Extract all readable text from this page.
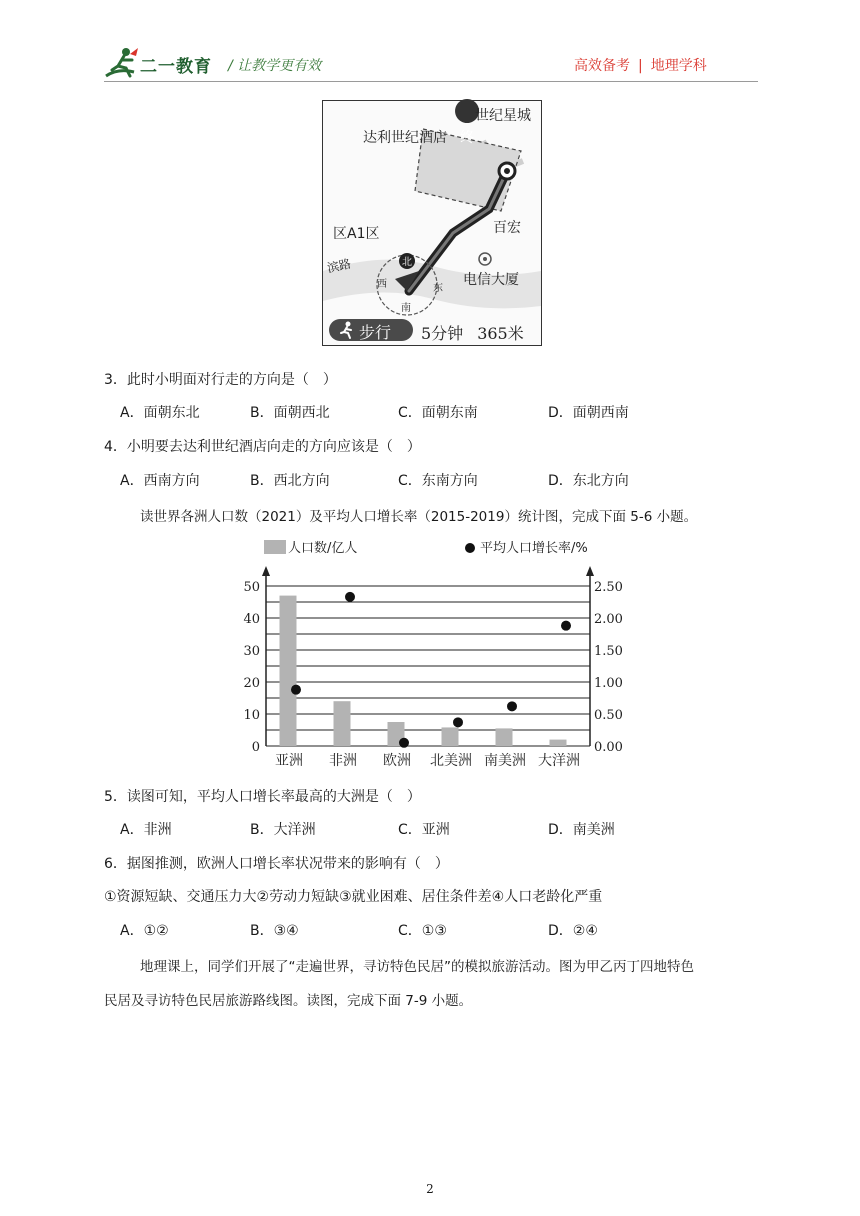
二一教育 / 让教学更有效	高效备考 | 地理学科
世纪星城
达利世纪酒店 终
区A1区	百宏
滨路
电信大厦
北
南
东
西
步行 5分钟 365米
3．此时小明面对行走的方向是（　）
A．面朝东北	B．面朝西北	C．面朝东南	D．面朝西南
4．小明要去达利世纪酒店向走的方向应该是（　）
A．西南方向	B．西北方向	C．东南方向	D．东北方向
读世界各洲人口数（2021）及平均人口增长率（2015-2019）统计图，完成下面 5-6 小题。
人口数/亿人	平均人口增长率/%
0
10
20
30
40
50
0.00
0.50
1.00
1.50
2.00
2.50
亚洲 非洲 欧洲 北美洲 南美洲 大洋洲
5．读图可知，平均人口增长率最高的大洲是（　）
A．非洲	B．大洋洲	C．亚洲	D．南美洲
6．据图推测，欧洲人口增长率状况带来的影响有（　）
①资源短缺、交通压力大②劳动力短缺③就业困难、居住条件差④人口老龄化严重
A．①②	B．③④	C．①③	D．②④
地理课上，同学们开展了“走遍世界，寻访特色民居”的模拟旅游活动。图为甲乙丙丁四地特色
民居及寻访特色民居旅游路线图。读图，完成下面 7-9 小题。
2
